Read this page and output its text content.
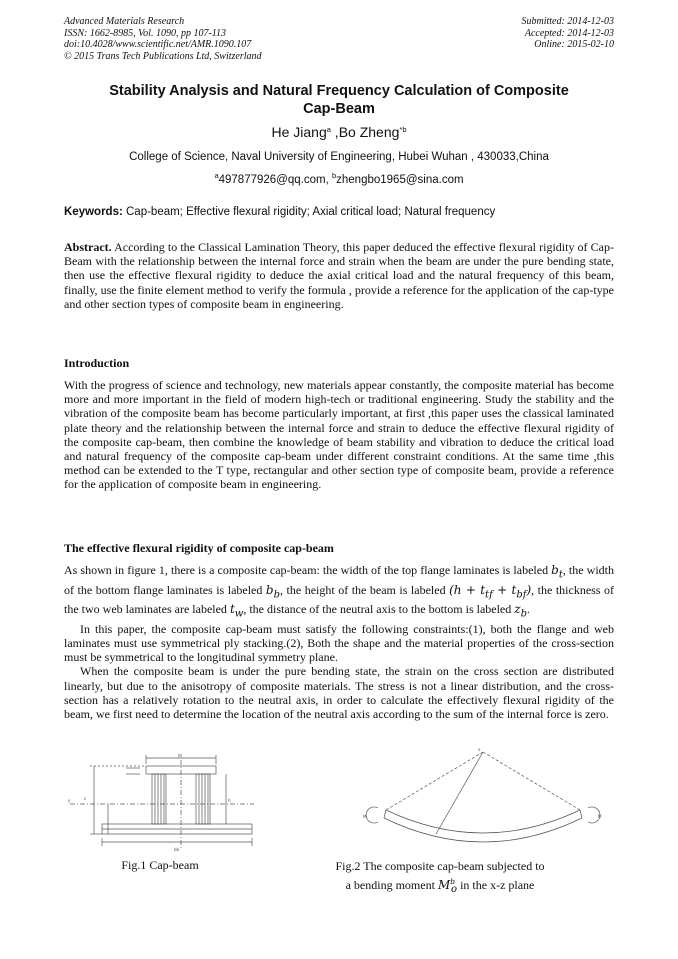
Advanced Materials Research
ISSN: 1662-8985, Vol. 1090, pp 107-113
doi:10.4028/www.scientific.net/AMR.1090.107
© 2015 Trans Tech Publications Ltd, Switzerland
Submitted: 2014-12-03
Accepted: 2014-12-03
Online: 2015-02-10
Stability Analysis and Natural Frequency Calculation of Composite
Cap-Beam
He Jiang$^a$ ,Bo Zheng$^{*b}$
College of Science, Naval University of Engineering, Hubei Wuhan , 430033,China
$^a$497877926@qq.com, $^b$zhengbo1965@sina.com
Keywords: Cap-beam; Effective flexural rigidity; Axial critical load; Natural frequency
Abstract. According to the Classical Lamination Theory, this paper deduced the effective flexural rigidity of Cap-Beam with the relationship between the internal force and strain when the beam are under the pure bending state, then use the effective flexural rigidity to deduce the axial critical load and the natural frequency of this beam, finally, use the finite element method to verify the formula , provide a reference for the application of the cap-type and other section types of composite beam in engineering.
Introduction
With the progress of science and technology, new materials appear constantly, the composite material has become more and more important in the field of modern high-tech or traditional engineering. Study the stability and the vibration of the composite beam has become particularly important, at first ,this paper uses the classical laminated plate theory and the relationship between the internal force and strain to deduce the effective flexural rigidity of the composite cap-beam, then combine the knowledge of beam stability and vibration to deduce the critical load and natural frequency of the composite cap-beam under different constraint conditions. At the same time ,this method can be extended to the T type, rectangular and other section type of composite beam, provide a reference for the application of composite beam in engineering.
The effective flexural rigidity of composite cap-beam
As shown in figure 1, there is a composite cap-beam: the width of the top flange laminates is labeled $b_t$, the width of the bottom flange laminates is labeled $b_b$, the height of the beam is labeled $(h + t_{tf} + t_{bf})$, the thickness of the two web laminates are labeled $t_w$, the distance of the neutral axis to the bottom is labeled $z_b$.
In this paper, the composite cap-beam must satisfy the following constraints:(1), both the flange and web laminates must use symmetrical ply stacking.(2), Both the shape and the material properties of the cross-section must be symmetrical to the longitudinal symmetry plane.
When the composite beam is under the pure bending state, the strain on the cross section are distributed linearly, but due to the anisotropy of composite materials. The stress is not a linear distribution, and the cross-section has a relatively rotation to the neutral axis, in order to calculate the effectively flexural rigidity of the beam, we first need to determine the location of the neutral axis according to the sum of the internal force is zero.
bt
z	h
bb
y
o
M	M
Fig.1 Cap-beam	Fig.2 The composite cap-beam subjected to
a bending moment $M^b_o$ in the x-z plane
